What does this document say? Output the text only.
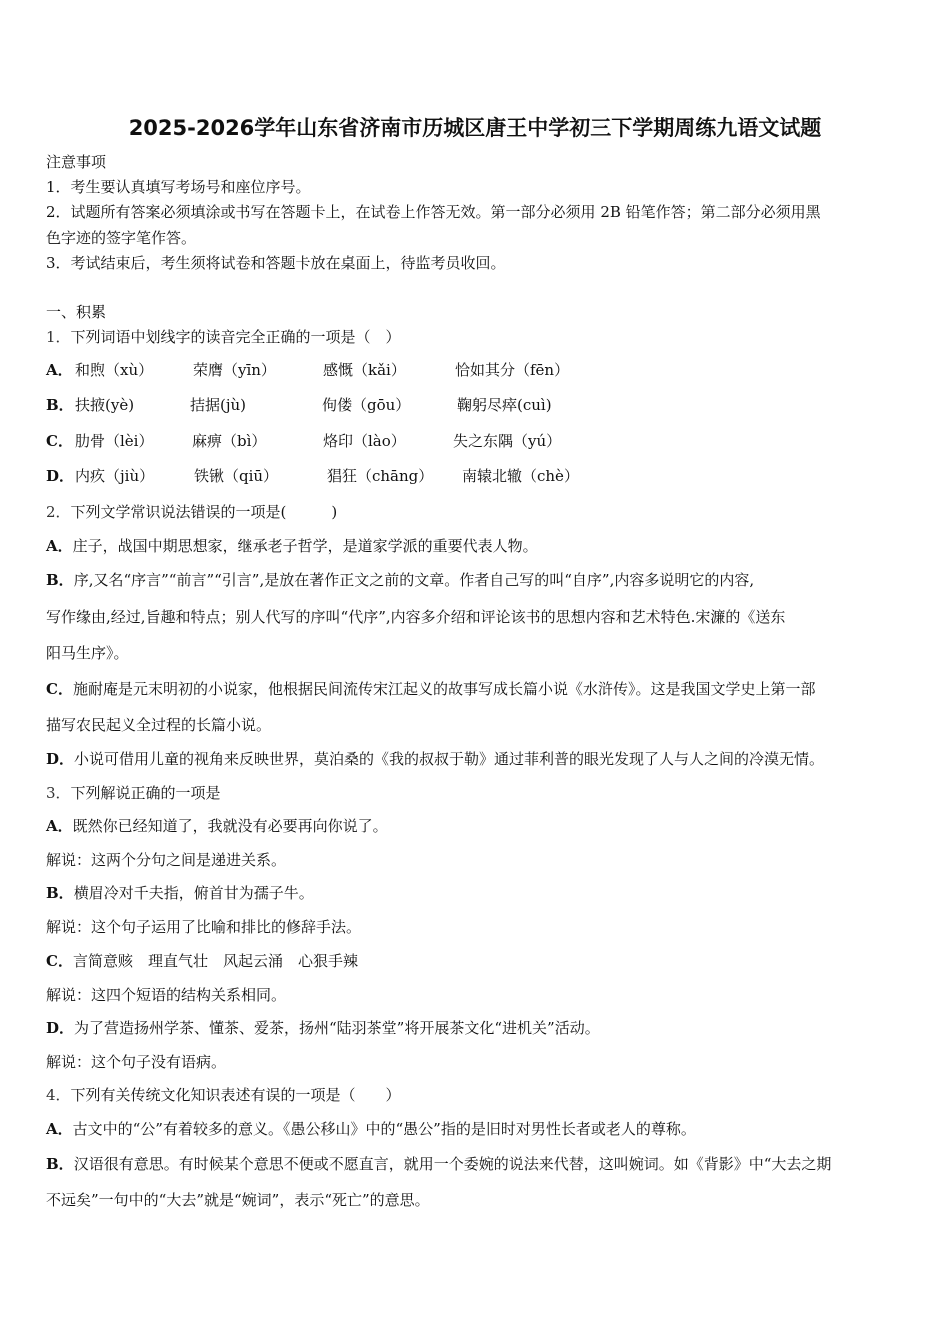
2025-2026学年山东省济南市历城区唐王中学初三下学期周练九语文试题
注意事项
1．考生要认真填写考场号和座位序号。
2．试题所有答案必须填涂或书写在答题卡上，在试卷上作答无效。第一部分必须用 2B 铅笔作答；第二部分必须用黑
色字迹的签字笔作答。
3．考试结束后，考生须将试卷和答题卡放在桌面上，待监考员收回。
一、积累
1．下列词语中划线字的读音完全正确的一项是（　）
A． 和煦（xù）	荣膺（yīn）	感慨（kǎi）	恰如其分（fēn）
B． 扶掖(yè)	拮据(jù)	佝偻（gōu）	鞠躬尽瘁(cuì)
C． 肋骨（lèi）	麻痹（bì）	烙印（lào）	失之东隅（yú）
D． 内疚（jiù）	铁锹（qiū）	猖狂（chāng） 南辕北辙（chè）
2．下列文学常识说法错误的一项是(　　　)
A．庄子，战国中期思想家，继承老子哲学，是道家学派的重要代表人物。
B．序,又名“序言”“前言”“引言”,是放在著作正文之前的文章。作者自己写的叫“自序”,内容多说明它的内容,
写作缘由,经过,旨趣和特点；别人代写的序叫“代序”,内容多介绍和评论该书的思想内容和艺术特色.宋濂的《送东
阳马生序》。
C．施耐庵是元末明初的小说家，他根据民间流传宋江起义的故事写成长篇小说《水浒传》。这是我国文学史上第一部
描写农民起义全过程的长篇小说。
D．小说可借用儿童的视角来反映世界，莫泊桑的《我的叔叔于勒》通过菲利普的眼光发现了人与人之间的冷漠无情。
3．下列解说正确的一项是
A．既然你已经知道了，我就没有必要再向你说了。
解说：这两个分句之间是递进关系。
B．横眉冷对千夫指，俯首甘为孺子牛。
解说：这个句子运用了比喻和排比的修辞手法。
C．言简意赅　理直气壮　风起云涌　心狠手辣
解说：这四个短语的结构关系相同。
D．为了营造扬州学茶、懂茶、爱茶，扬州“陆羽茶堂”将开展茶文化“进机关”活动。
解说：这个句子没有语病。
4．下列有关传统文化知识表述有误的一项是（　　）
A．古文中的“公”有着较多的意义。《愚公移山》中的“愚公”指的是旧时对男性长者或老人的尊称。
B．汉语很有意思。有时候某个意思不便或不愿直言，就用一个委婉的说法来代替，这叫婉词。如《背影》中“大去之期
不远矣”一句中的“大去”就是“婉词”，表示“死亡”的意思。
